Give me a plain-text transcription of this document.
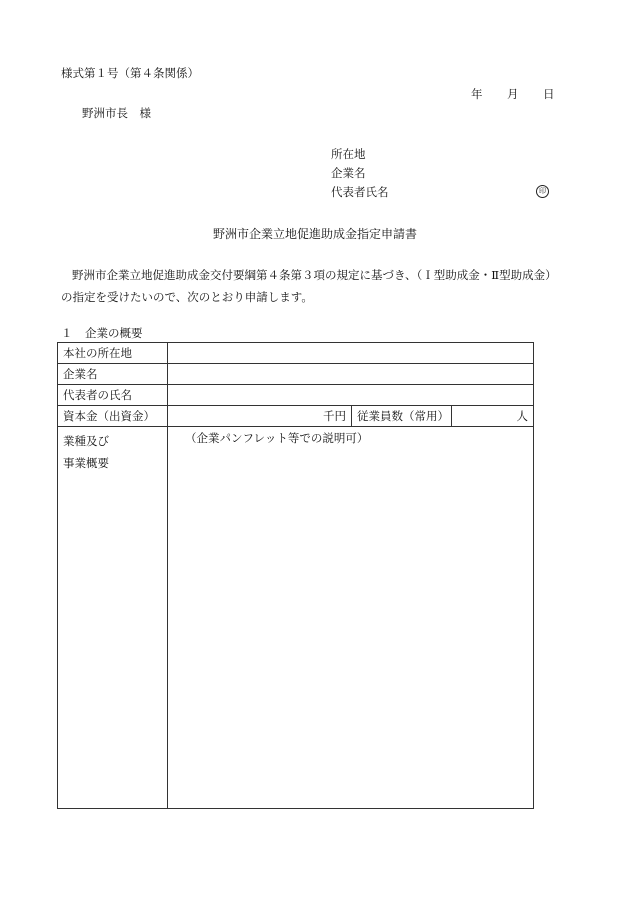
様式第１号（第４条関係）
年	月	日
野洲市長　様
所在地
企業名
代表者氏名	印
野洲市企業立地促進助成金指定申請書
野洲市企業立地促進助成金交付要綱第４条第３項の規定に基づき、（Ｉ型助成金・Ⅱ型助成金）
の指定を受けたいので、次のとおり申請します。
１ 企業の概要
本社の所在地			
企業名			
代表者の氏名			
資本金（出資金）	千円	従業員数（常用）	人

業種及び
事業概要	（企業パンフレット等での説明可）		
